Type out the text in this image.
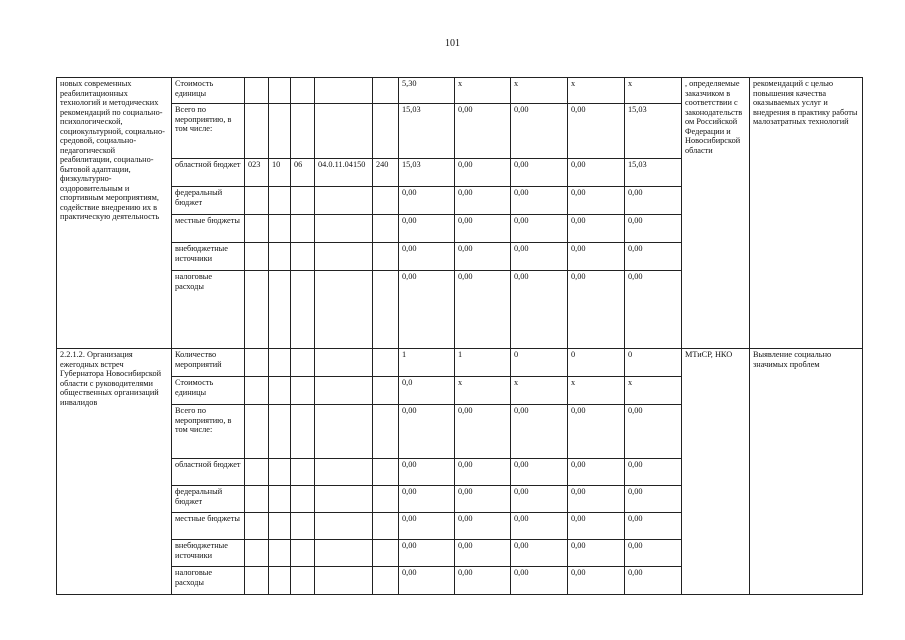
101
новых современных реабилитационных технологий и методических рекомендаций по социально-психологической, социокультурной, социально-средовой, социально-педагогической реабилитации, социально-бытовой адаптации, физкультурно-оздоровительным и спортивным мероприятиям, содействие внедрению их в практическую деятельность	Стоимость единицы						5,30	х	х	х	х	, определяемые заказчиком в соответствии с законодательством Российской Федерации и Новосибирской области	рекомендаций с целью повышения качества оказываемых услуг и внедрения в практику работы малозатратных технологий
	Всего по мероприятию, в том числе:						15,03	0,00	0,00	0,00	15,03		
	областной бюджет	023	10	06	04.0.11.04150	240	15,03	0,00	0,00	0,00	15,03		
	федеральный бюджет						0,00	0,00	0,00	0,00	0,00		
	местные бюджеты						0,00	0,00	0,00	0,00	0,00		
	внебюджетные источники						0,00	0,00	0,00	0,00	0,00		
	налоговые расходы						0,00	0,00	0,00	0,00	0,00		
2.2.1.2. Организация ежегодных встреч Губернатора Новосибирской области с руководителями общественных организаций инвалидов	Количество мероприятий						1	1	0	0	0	МТиСР, НКО	Выявление социально значимых проблем
	Стоимость единицы						0,0	х	х	х	х		
	Всего по мероприятию, в том числе:						0,00	0,00	0,00	0,00	0,00		
	областной бюджет						0,00	0,00	0,00	0,00	0,00		
	федеральный бюджет						0,00	0,00	0,00	0,00	0,00		
	местные бюджеты						0,00	0,00	0,00	0,00	0,00		
	внебюджетные источники						0,00	0,00	0,00	0,00	0,00		
	налоговые расходы						0,00	0,00	0,00	0,00	0,00		
